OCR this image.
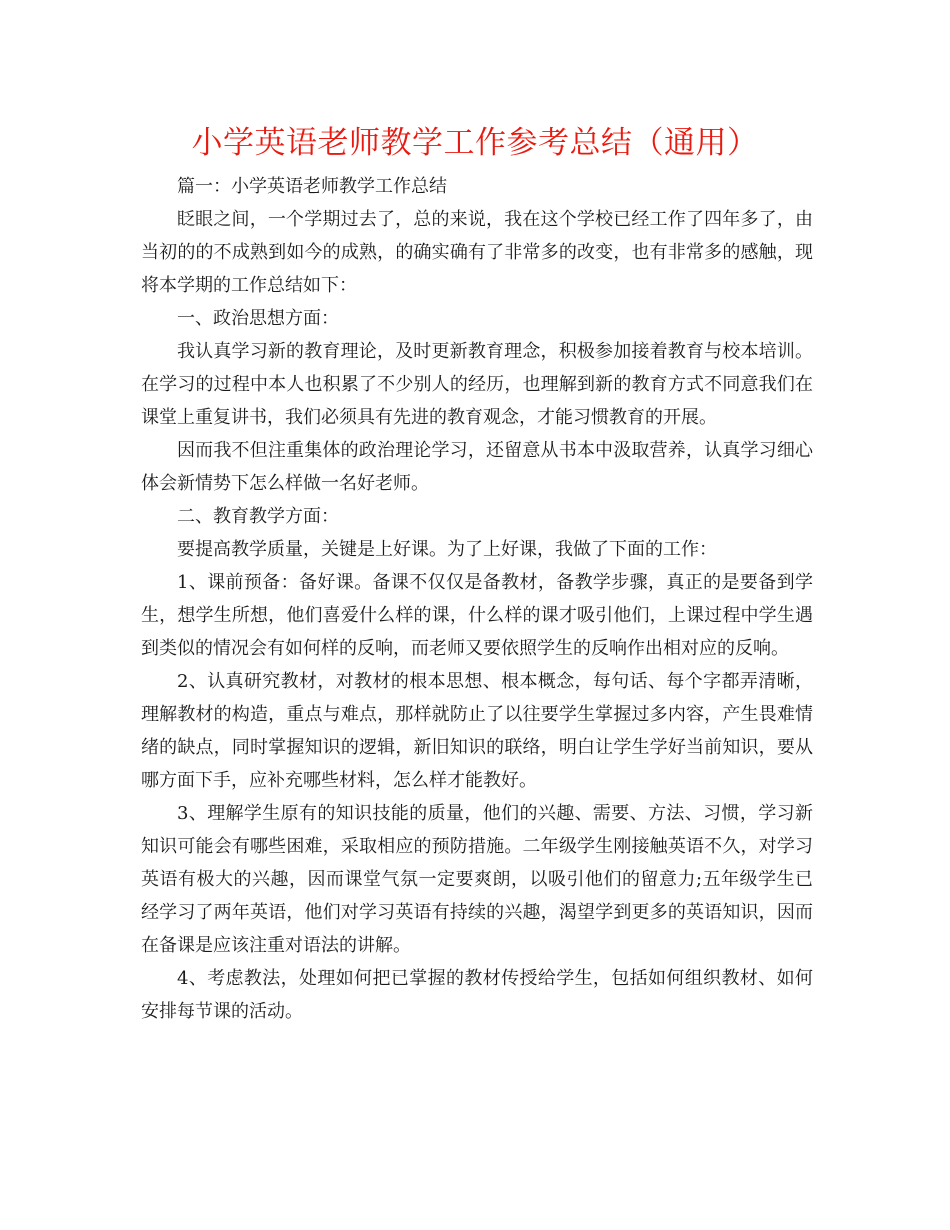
小学英语老师教学工作参考总结（通用）

篇一：小学英语老师教学工作总结

眨眼之间，一个学期过去了，总的来说，我在这个学校已经工作了四年多了，由当初的的不成熟到如今的成熟，的确实确有了非常多的改变，也有非常多的感触，现将本学期的工作总结如下：

一、政治思想方面：

我认真学习新的教育理论，及时更新教育理念，积极参加接着教育与校本培训。在学习的过程中本人也积累了不少别人的经历，也理解到新的教育方式不同意我们在课堂上重复讲书，我们必须具有先进的教育观念，才能习惯教育的开展。

因而我不但注重集体的政治理论学习，还留意从书本中汲取营养，认真学习细心体会新情势下怎么样做一名好老师。

二、教育教学方面：

要提高教学质量，关键是上好课。为了上好课，我做了下面的工作：

1、课前预备：备好课。备课不仅仅是备教材，备教学步骤，真正的是要备到学生，想学生所想，他们喜爱什么样的课，什么样的课才吸引他们，上课过程中学生遇到类似的情况会有如何样的反响，而老师又要依照学生的反响作出相对应的反响。

2、认真研究教材，对教材的根本思想、根本概念，每句话、每个字都弄清晰，理解教材的构造，重点与难点，那样就防止了以往要学生掌握过多内容，产生畏难情绪的缺点，同时掌握知识的逻辑，新旧知识的联络，明白让学生学好当前知识，要从哪方面下手，应补充哪些材料，怎么样才能教好。

3、理解学生原有的知识技能的质量，他们的兴趣、需要、方法、习惯，学习新知识可能会有哪些困难，采取相应的预防措施。二年级学生刚接触英语不久，对学习英语有极大的兴趣，因而课堂气氛一定要爽朗，以吸引他们的留意力;五年级学生已经学习了两年英语，他们对学习英语有持续的兴趣，渴望学到更多的英语知识，因而在备课是应该注重对语法的讲解。

4、考虑教法，处理如何把已掌握的教材传授给学生，包括如何组织教材、如何安排每节课的活动。
